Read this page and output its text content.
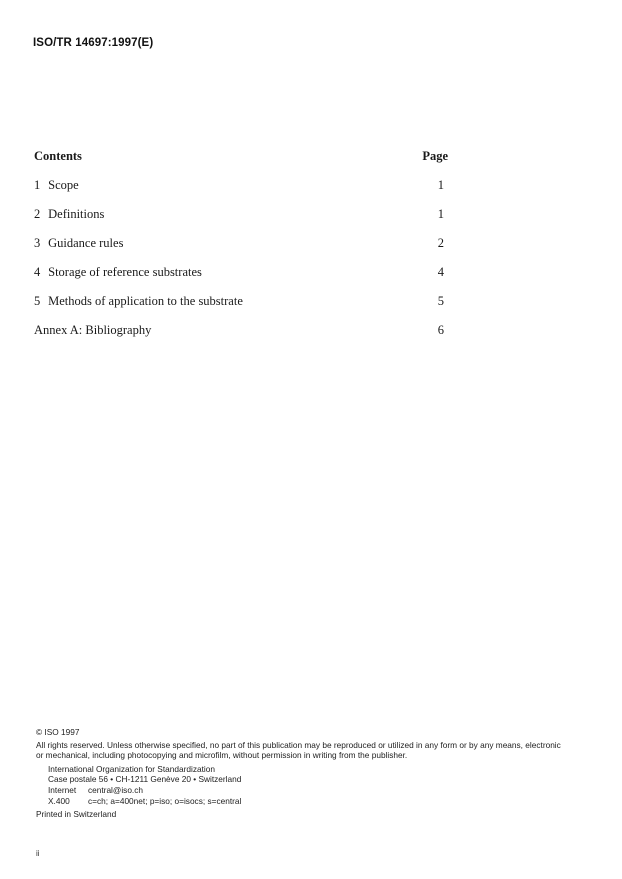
ISO/TR 14697:1997(E)
Contents	Page
1 Scope	1
2 Definitions	1
3 Guidance rules	2
4 Storage of reference substrates	4
5 Methods of application to the substrate	5
Annex A: Bibliography	6
© ISO 1997
All rights reserved. Unless otherwise specified, no part of this publication may be reproduced or utilized in any form or by any means, electronic
or mechanical, including photocopying and microfilm, without permission in writing from the publisher.
International Organization for Standardization
Case postale 56 • CH-1211 Genève 20 • Switzerland
Internet	central@iso.ch
X.400	c=ch; a=400net; p=iso; o=isocs; s=central
Printed in Switzerland
ii
